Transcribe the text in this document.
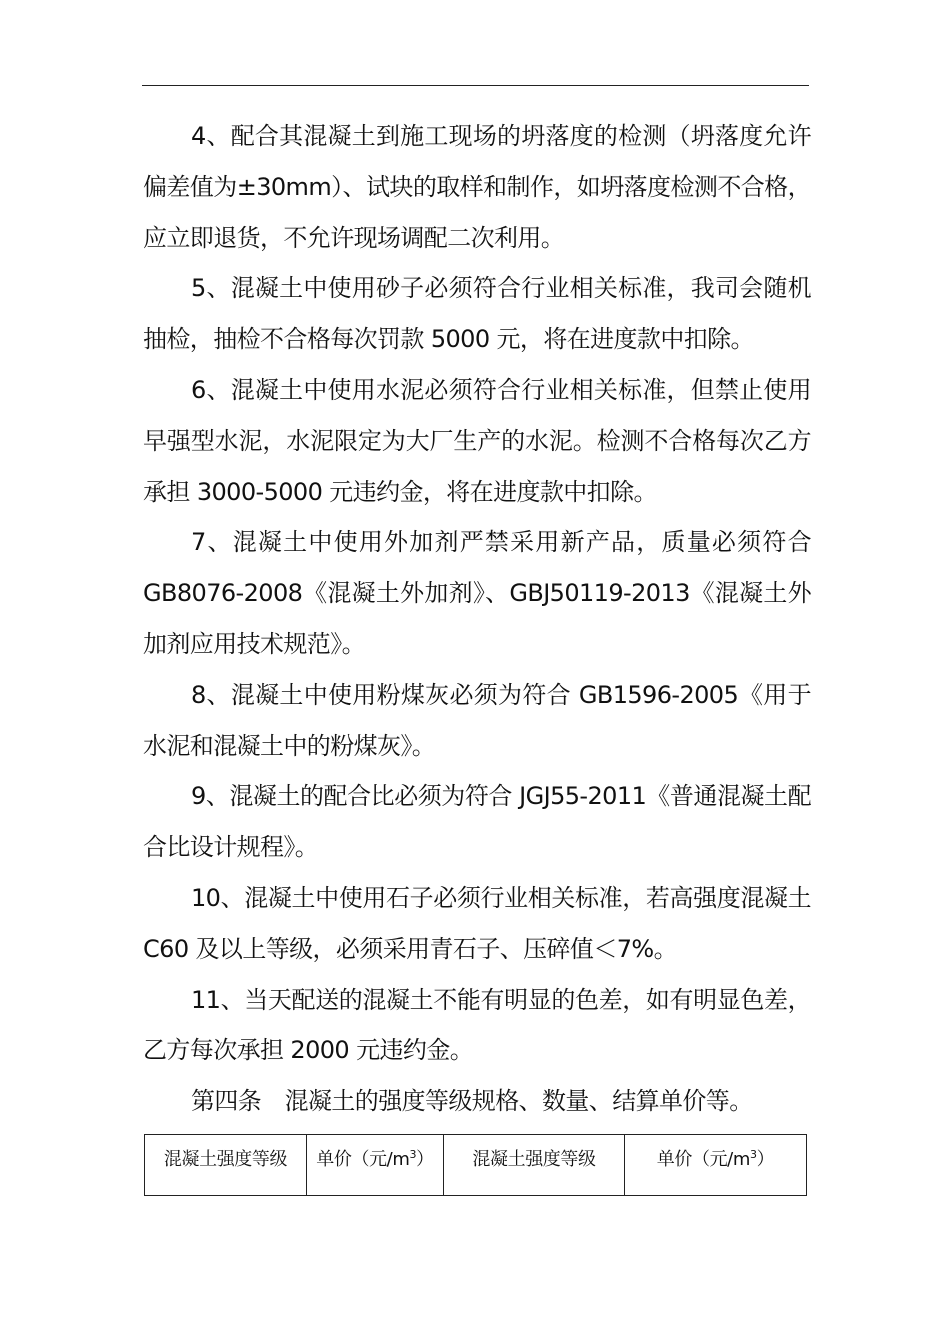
4、配合其混凝土到施工现场的坍落度的检测（坍落度允许偏差值为±30mm）、试块的取样和制作，如坍落度检测不合格，应立即退货，不允许现场调配二次利用。

5、混凝土中使用砂子必须符合行业相关标准，我司会随机抽检，抽检不合格每次罚款 5000 元，将在进度款中扣除。

6、混凝土中使用水泥必须符合行业相关标准，但禁止使用早强型水泥，水泥限定为大厂生产的水泥。检测不合格每次乙方承担 3000-5000 元违约金，将在进度款中扣除。

7、混凝土中使用外加剂严禁采用新产品，质量必须符合 GB8076-2008《混凝土外加剂》、GBJ50119-2013《混凝土外加剂应用技术规范》。

8、混凝土中使用粉煤灰必须为符合 GB1596-2005《用于水泥和混凝土中的粉煤灰》。

9、混凝土的配合比必须为符合 JGJ55-2011《普通混凝土配合比设计规程》。

10、混凝土中使用石子必须行业相关标准，若高强度混凝土 C60 及以上等级，必须采用青石子、压碎值＜7%。

11、当天配送的混凝土不能有明显的色差，如有明显色差，乙方每次承担 2000 元违约金。

第四条　混凝土的强度等级规格、数量、结算单价等。

混凝土强度等级	单价（元$/m^3$）	混凝土强度等级	单价（元$/m^3$）
